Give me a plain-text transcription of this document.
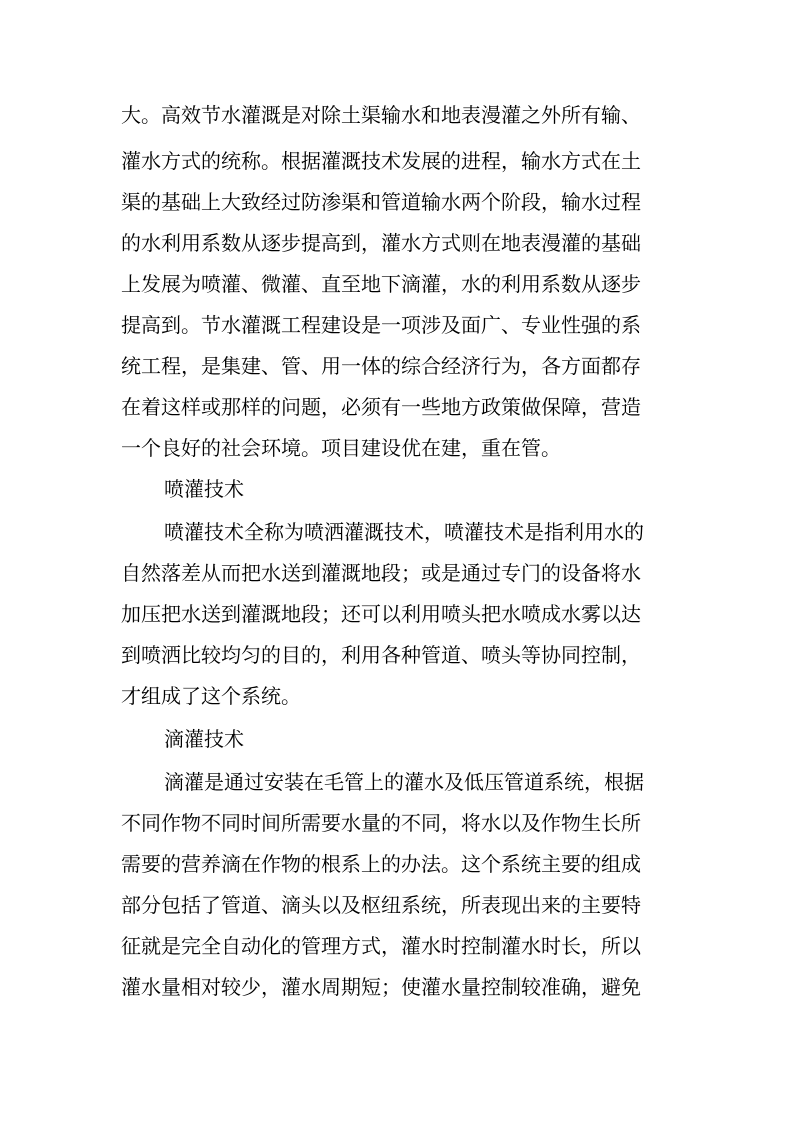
大。高效节水灌溉是对除土渠输水和地表漫灌之外所有输、
灌水方式的统称。根据灌溉技术发展的进程，输水方式在土
渠的基础上大致经过防渗渠和管道输水两个阶段，输水过程
的水利用系数从逐步提高到，灌水方式则在地表漫灌的基础
上发展为喷灌、微灌、直至地下滴灌，水的利用系数从逐步
提高到。节水灌溉工程建设是一项涉及面广、专业性强的系
统工程，是集建、管、用一体的综合经济行为，各方面都存
在着这样或那样的问题，必须有一些地方政策做保障，营造
一个良好的社会环境。项目建设优在建，重在管。
喷灌技术
喷灌技术全称为喷洒灌溉技术，喷灌技术是指利用水的
自然落差从而把水送到灌溉地段；或是通过专门的设备将水
加压把水送到灌溉地段；还可以利用喷头把水喷成水雾以达
到喷洒比较均匀的目的，利用各种管道、喷头等协同控制，
才组成了这个系统。
滴灌技术
滴灌是通过安装在毛管上的灌水及低压管道系统，根据
不同作物不同时间所需要水量的不同，将水以及作物生长所
需要的营养滴在作物的根系上的办法。这个系统主要的组成
部分包括了管道、滴头以及枢纽系统，所表现出来的主要特
征就是完全自动化的管理方式，灌水时控制灌水时长，所以
灌水量相对较少，灌水周期短；使灌水量控制较准确，避免
